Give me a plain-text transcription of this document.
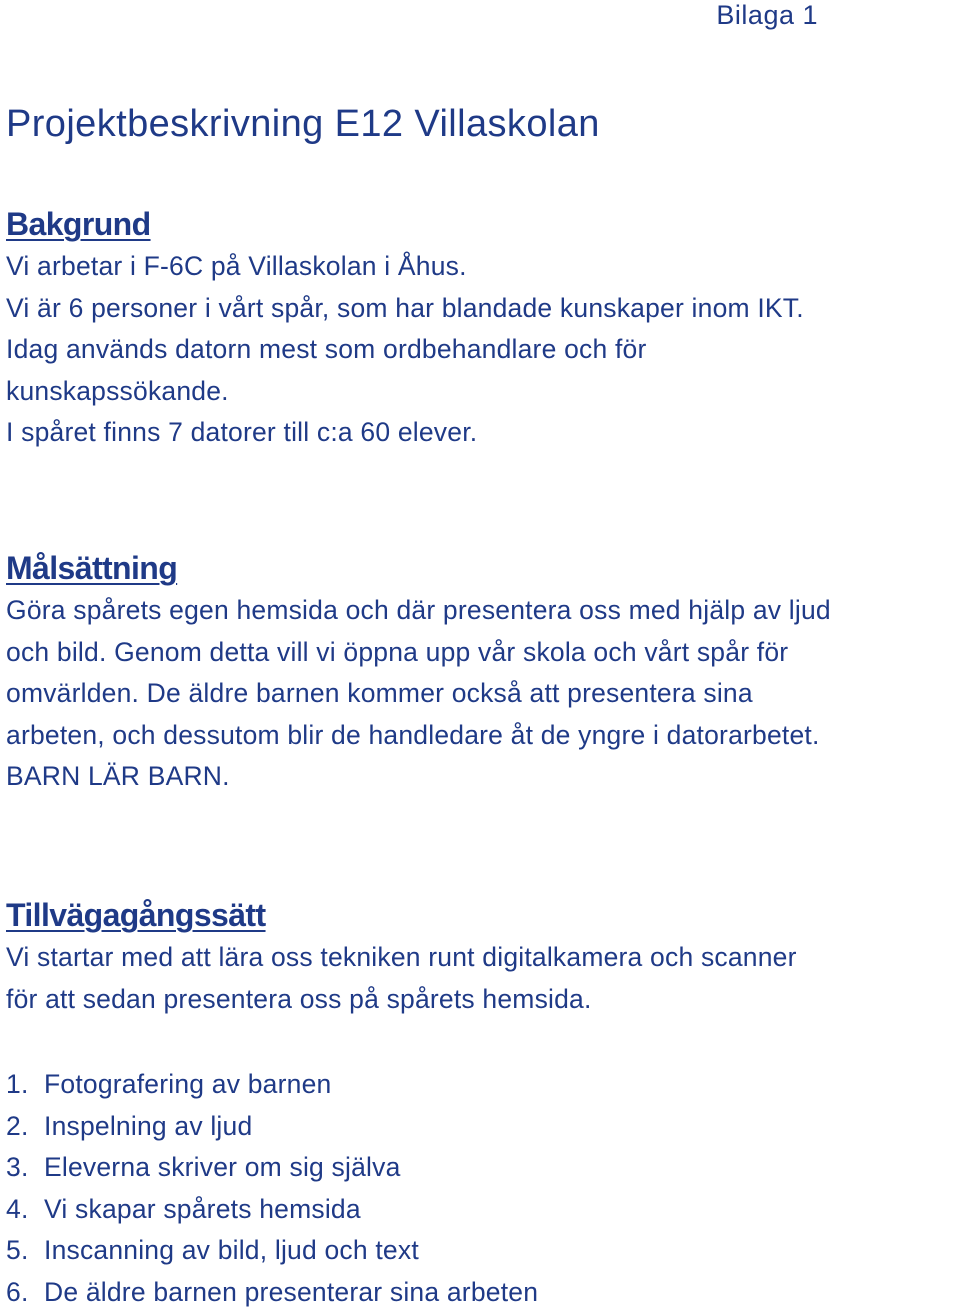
Bilaga 1
Projektbeskrivning E12 Villaskolan
Bakgrund
Vi arbetar i F-6C på Villaskolan i Åhus.
Vi är 6 personer i vårt spår, som har blandade kunskaper inom IKT.
Idag används datorn mest som ordbehandlare och för
kunskapssökande.
I spåret finns 7 datorer till c:a 60 elever.
Målsättning
Göra spårets egen hemsida och där presentera oss med hjälp av ljud
och bild. Genom detta vill vi öppna upp vår skola och vårt spår för
omvärlden. De äldre barnen kommer också att presentera sina
arbeten, och dessutom blir de handledare åt de yngre i datorarbetet.
BARN LÄR BARN.
Tillvägagångssätt
Vi startar med att lära oss tekniken runt digitalkamera och scanner
för att sedan presentera oss på spårets hemsida.
1. Fotografering av barnen
2. Inspelning av ljud
3. Eleverna skriver om sig själva
4. Vi skapar spårets hemsida
5. Inscanning av bild, ljud och text
6. De äldre barnen presenterar sina arbeten
